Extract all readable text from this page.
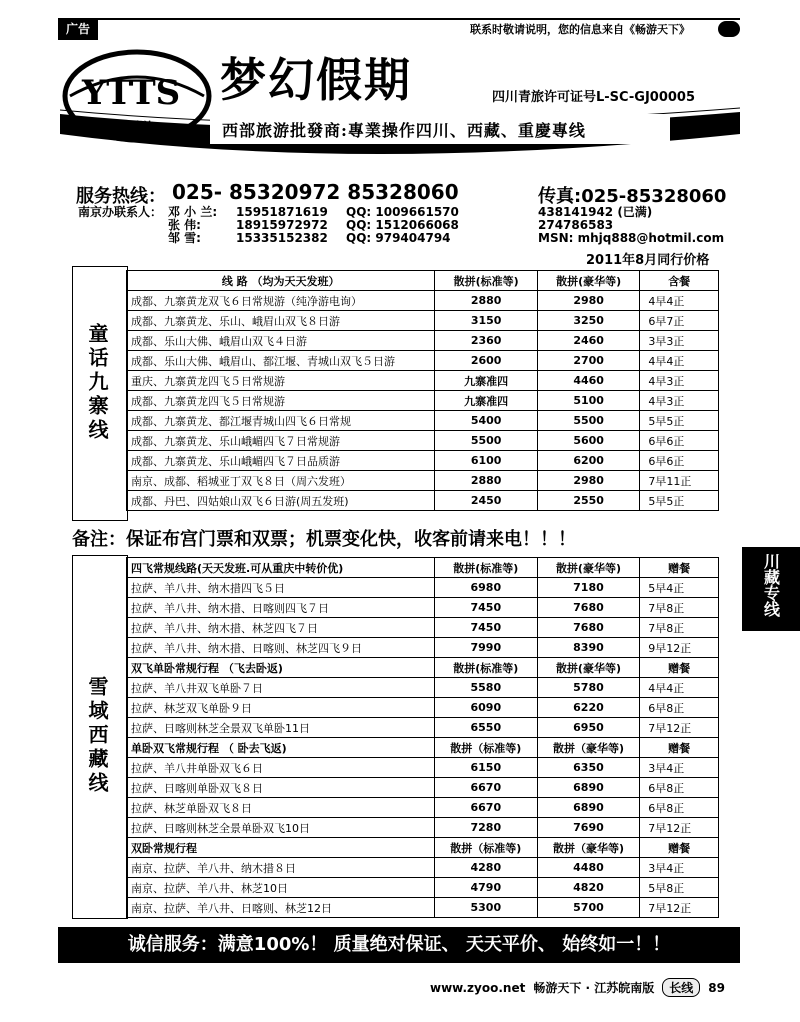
广告	联系时敬请说明，您的信息来自《畅游天下》
YTTS 梦幻假期	四川青旅许可证号L-SC-GJ00005
西部旅游批發商:專業操作四川、西藏、重慶專线
服务热线： 025- 85320972 85328060	传真:025-85328060
南京办联系人： 邓 小 兰:	15951871619	QQ: 1009661570
张 伟:	18915972972	QQ: 1512066068
邹 雪:	15335152382	QQ: 979404794
438141942 (已满)
274786583
MSN: mhjq888@hotmil.com
2011年8月同行价格
童话九寨线
线 路 （均为天天发班）	散拼(标准等)	散拼(豪华等)	含餐
成都、九寨黄龙双飞６日常规游（纯净游电询）	2880	2980	4早4正
成都、九寨黄龙、乐山、峨眉山双飞８日游	3150	3250	6早7正
成都、乐山大佛、峨眉山双飞４日游	2360	2460	3早3正
成都、乐山大佛、峨眉山、都江堰、青城山双飞５日游	2600	2700	4早4正
重庆、九寨黄龙四飞５日常规游	九寨准四	4460	4早3正
成都、九寨黄龙四飞５日常规游	九寨准四	5100	4早3正
成都、九寨黄龙、都江堰青城山四飞６日常规	5400	5500	5早5正
成都、九寨黄龙、乐山峨嵋四飞７日常规游	5500	5600	6早6正
成都、九寨黄龙、乐山峨嵋四飞７日品质游	6100	6200	6早6正
南京、成都、稻城亚丁双飞８日（周六发班）	2880	2980	7早11正
成都、丹巴、四姑娘山双飞６日游(周五发班)	2450	2550	5早5正
备注：保证布宫门票和双票；机票变化快，收客前请来电！！！
川藏专线
雪域西藏线
四飞常规线路(天天发班.可从重庆中转价优)	散拼(标准等)	散拼(豪华等)	赠餐
拉萨、羊八井、纳木措四飞５日	6980	7180	5早4正
拉萨、羊八井、纳木措、日喀则四飞７日	7450	7680	7早8正
拉萨、羊八井、纳木措、林芝四飞７日	7450	7680	7早8正
拉萨、羊八井、纳木措、日喀则、林芝四飞９日	7990	8390	9早12正
双飞单卧常规行程 （飞去卧返)	散拼(标准等)	散拼(豪华等)	赠餐
拉萨、羊八井双飞单卧７日	5580	5780	4早4正
拉萨、林芝双飞单卧９日	6090	6220	6早8正
拉萨、日喀则林芝全景双飞单卧11日	6550	6950	7早12正
单卧双飞常规行程 （ 卧去飞返)	散拼（标准等)	散拼（豪华等)	赠餐
拉萨、羊八井单卧双飞６日	6150	6350	3早4正
拉萨、日喀则单卧双飞８日	6670	6890	6早8正
拉萨、林芝单卧双飞８日	6670	6890	6早8正
拉萨、日喀则林芝全景单卧双飞10日	7280	7690	7早12正
双卧常规行程	散拼（标准等)	散拼（豪华等)	赠餐
南京、拉萨、羊八井、纳木措８日	4280	4480	3早4正
南京、拉萨、羊八井、林芝10日	4790	4820	5早8正
南京、拉萨、羊八井、日喀则、林芝12日	5300	5700	7早12正
诚信服务：满意100%！ 质量绝对保证、 天天平价、 始终如一！！
www.zyoo.net 畅游天下 · 江苏皖南版	长线	89
